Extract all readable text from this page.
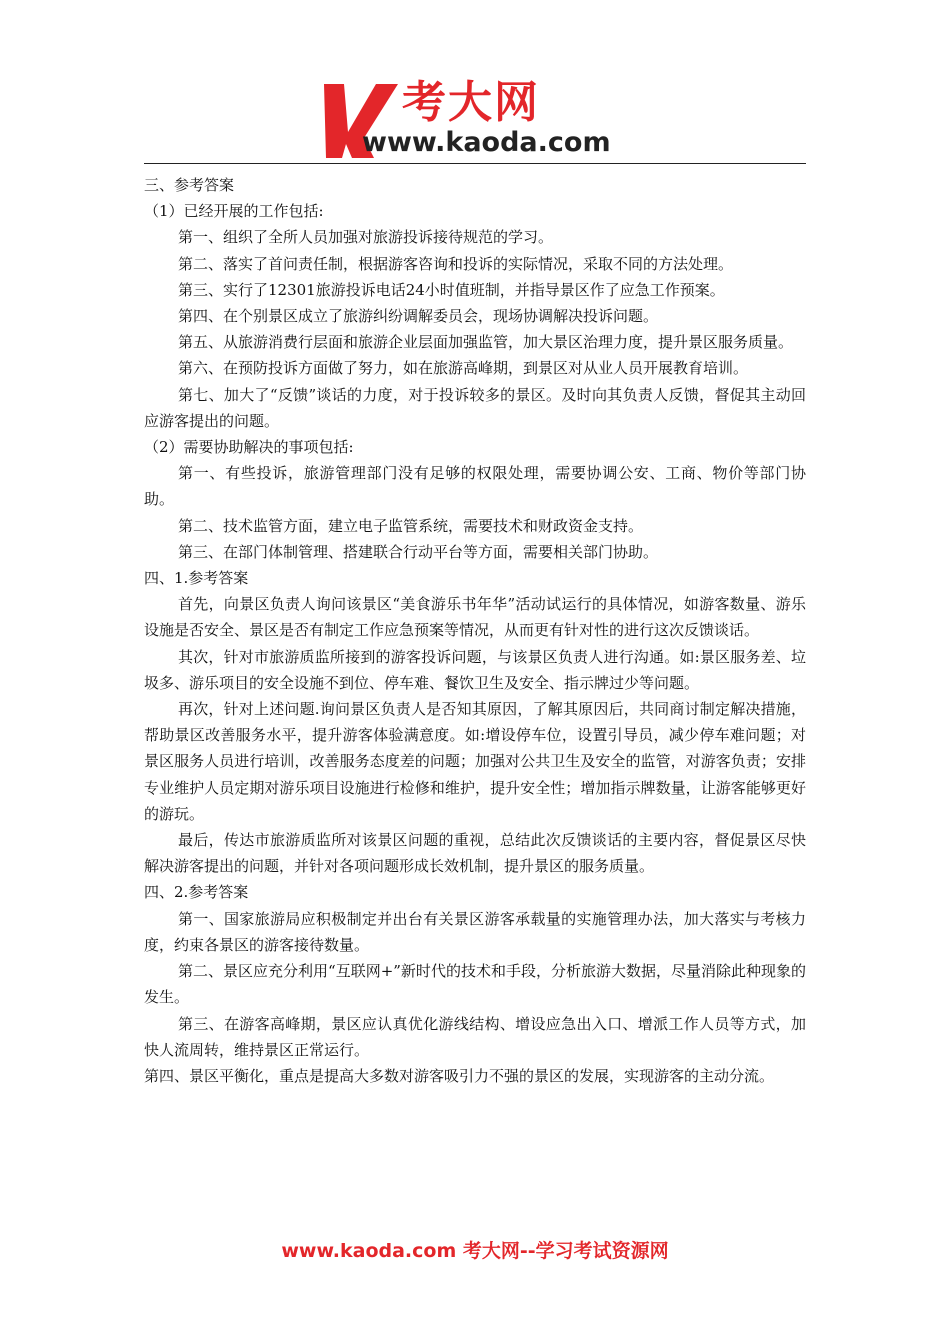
考大网
www.kaoda.com

三、参考答案

（1）已经开展的工作包括:

第一、组织了全所人员加强对旅游投诉接待规范的学习。

第二、落实了首问责任制，根据游客咨询和投诉的实际情况，采取不同的方法处理。

第三、实行了12301旅游投诉电话24小时值班制，并指导景区作了应急工作预案。

第四、在个别景区成立了旅游纠纷调解委员会，现场协调解决投诉问题。

第五、从旅游消费行层面和旅游企业层面加强监管，加大景区治理力度，提升景区服务质量。

第六、在预防投诉方面做了努力，如在旅游高峰期，到景区对从业人员开展教育培训。

第七、加大了“反馈”谈话的力度，对于投诉较多的景区。及时向其负责人反馈，督促其主动回应游客提出的问题。

（2）需要协助解决的事项包括:

第一、有些投诉，旅游管理部门没有足够的权限处理，需要协调公安、工商、物价等部门协助。

第二、技术监管方面，建立电子监管系统，需要技术和财政资金支持。

第三、在部门体制管理、搭建联合行动平台等方面，需要相关部门协助。

四、1.参考答案

首先，向景区负责人询问该景区“美食游乐书年华”活动试运行的具体情况，如游客数量、游乐设施是否安全、景区是否有制定工作应急预案等情况，从而更有针对性的进行这次反馈谈话。

其次，针对市旅游质监所接到的游客投诉问题，与该景区负责人进行沟通。如:景区服务差、垃圾多、游乐项目的安全设施不到位、停车难、餐饮卫生及安全、指示牌过少等问题。

再次，针对上述问题.询问景区负责人是否知其原因，了解其原因后，共同商讨制定解决措施，帮助景区改善服务水平，提升游客体验满意度。如:增设停车位，设置引导员，减少停车难问题；对景区服务人员进行培训，改善服务态度差的问题；加强对公共卫生及安全的监管，对游客负责；安排专业维护人员定期对游乐项目设施进行检修和维护，提升安全性；增加指示牌数量，让游客能够更好的游玩。

最后，传达市旅游质监所对该景区问题的重视，总结此次反馈谈话的主要内容，督促景区尽快解决游客提出的问题，并针对各项问题形成长效机制，提升景区的服务质量。

四、2.参考答案

第一、国家旅游局应积极制定并出台有关景区游客承载量的实施管理办法，加大落实与考核力度，约束各景区的游客接待数量。

第二、景区应充分利用“互联网+”新时代的技术和手段，分析旅游大数据，尽量消除此种现象的发生。

第三、在游客高峰期，景区应认真优化游线结构、增设应急出入口、增派工作人员等方式，加快人流周转，维持景区正常运行。

第四、景区平衡化，重点是提高大多数对游客吸引力不强的景区的发展，实现游客的主动分流。

www.kaoda.com 考大网--学习考试资源网
